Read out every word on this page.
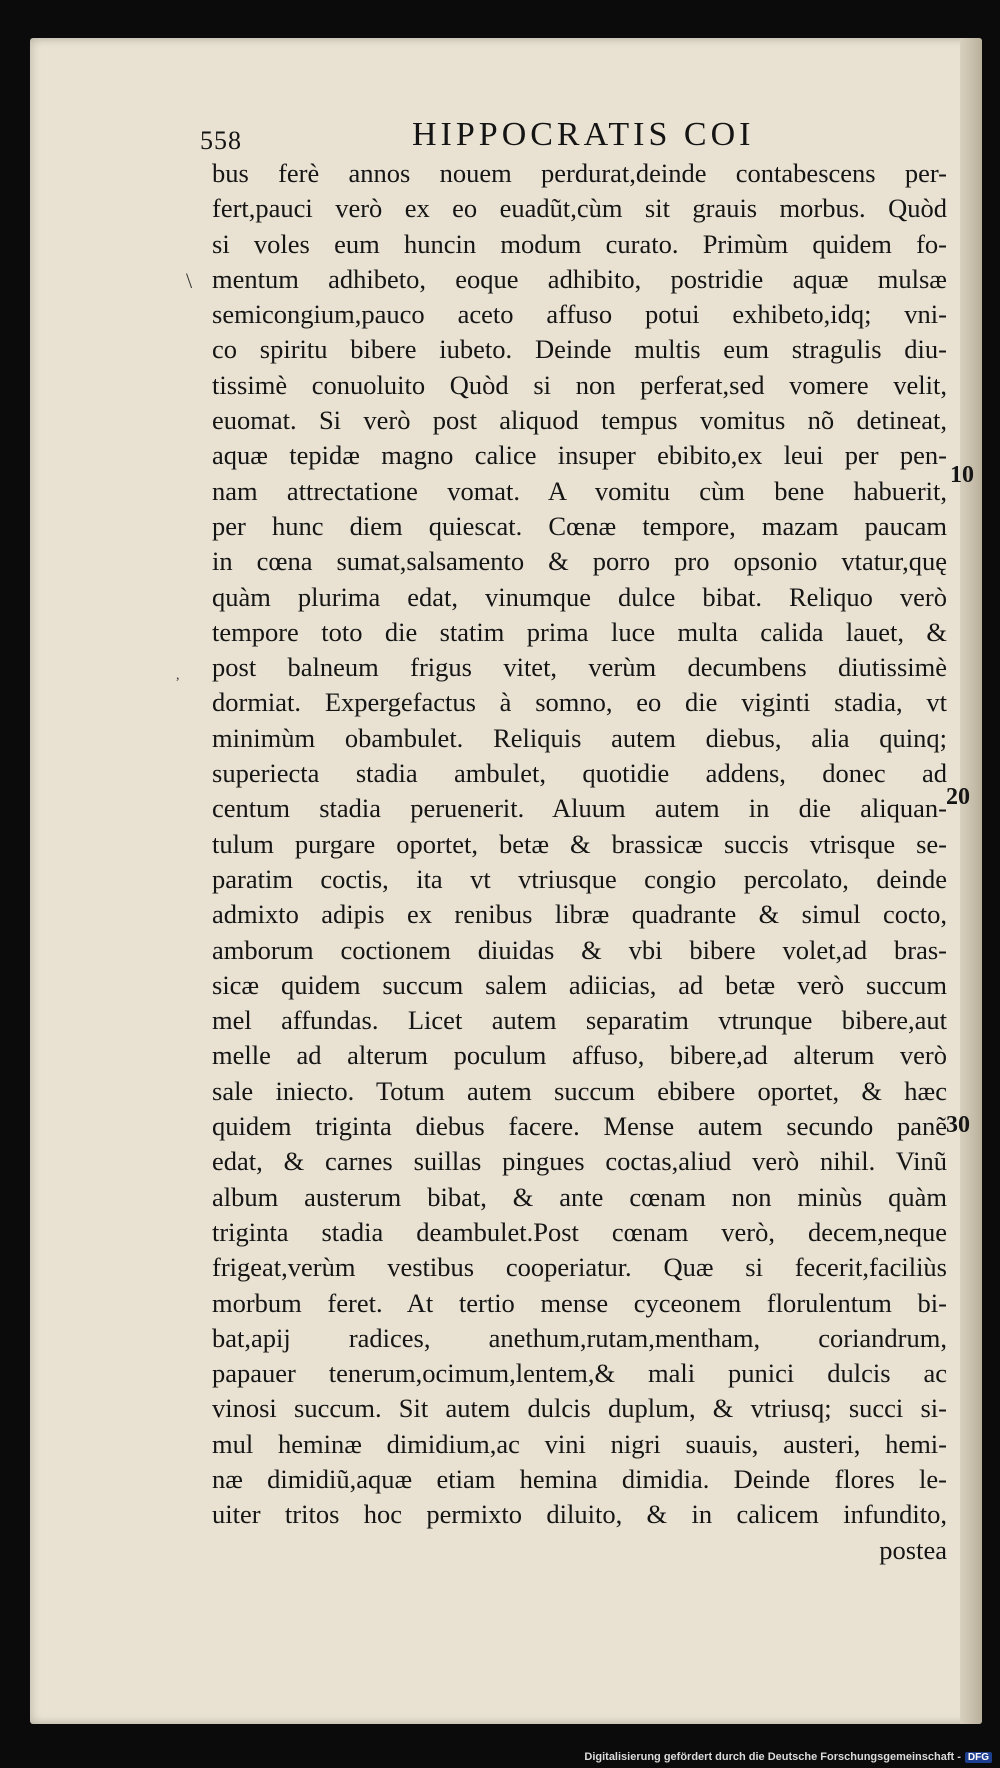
558	HIPPOCRATIS COI
bus ferè annos nouem perdurat,deinde contabescens per-
fert,pauci verò ex eo euadũt,cùm sit grauis morbus. Quòd
si voles eum huncin modum curato. Primùm quidem fo-
mentum adhibeto, eoque adhibito, postridie aquæ mulsæ
semicongium,pauco aceto affuso potui exhibeto,idq; vni-
co spiritu bibere iubeto. Deinde multis eum stragulis diu-
tissimè conuoluito Quòd si non perferat,sed vomere velit,
euomat. Si verò post aliquod tempus vomitus nõ detineat,
aquæ tepidæ magno calice insuper ebibito,ex leui per pen-
nam attrectatione vomat. A vomitu cùm bene habuerit,
per hunc diem quiescat. Cœnæ tempore, mazam paucam
in cœna sumat,salsamento & porro pro opsonio vtatur,quę
quàm plurima edat, vinumque dulce bibat. Reliquo verò
tempore toto die statim prima luce multa calida lauet, &
post balneum frigus vitet, verùm decumbens diutissimè
dormiat. Expergefactus à somno, eo die viginti stadia, vt
minimùm obambulet. Reliquis autem diebus, alia quinq;
superiecta stadia ambulet, quotidie addens, donec ad
centum stadia peruenerit. Aluum autem in die aliquan-
tulum purgare oportet, betæ & brassicæ succis vtrisque se-
paratim coctis, ita vt vtriusque congio percolato, deinde
admixto adipis ex renibus libræ quadrante & simul cocto,
amborum coctionem diuidas & vbi bibere volet,ad bras-
sicæ quidem succum salem adiicias, ad betæ verò succum
mel affundas. Licet autem separatim vtrunque bibere,aut
melle ad alterum poculum affuso, bibere,ad alterum verò
sale iniecto. Totum autem succum ebibere oportet, & hæc
quidem triginta diebus facere. Mense autem secundo panẽ
edat, & carnes suillas pingues coctas,aliud verò nihil. Vinũ
album austerum bibat, & ante cœnam non minùs quàm
triginta stadia deambulet.Post cœnam verò, decem,neque
frigeat,verùm vestibus cooperiatur. Quæ si fecerit,faciliùs
morbum feret. At tertio mense cyceonem florulentum bi-
bat,apij radices, anethum,rutam,mentham, coriandrum,
papauer tenerum,ocimum,lentem,& mali punici dulcis ac
vinosi succum. Sit autem dulcis duplum, & vtriusq; succi si-
mul heminæ dimidium,ac vini nigri suauis, austeri, hemi-
næ dimidiũ,aquæ etiam hemina dimidia. Deinde flores le-
uiter tritos hoc permixto diluito, & in calicem infundito,
postea
10
20
30
\
,
Digitalisierung gefördert durch die Deutsche Forschungsgemeinschaft - DFG
